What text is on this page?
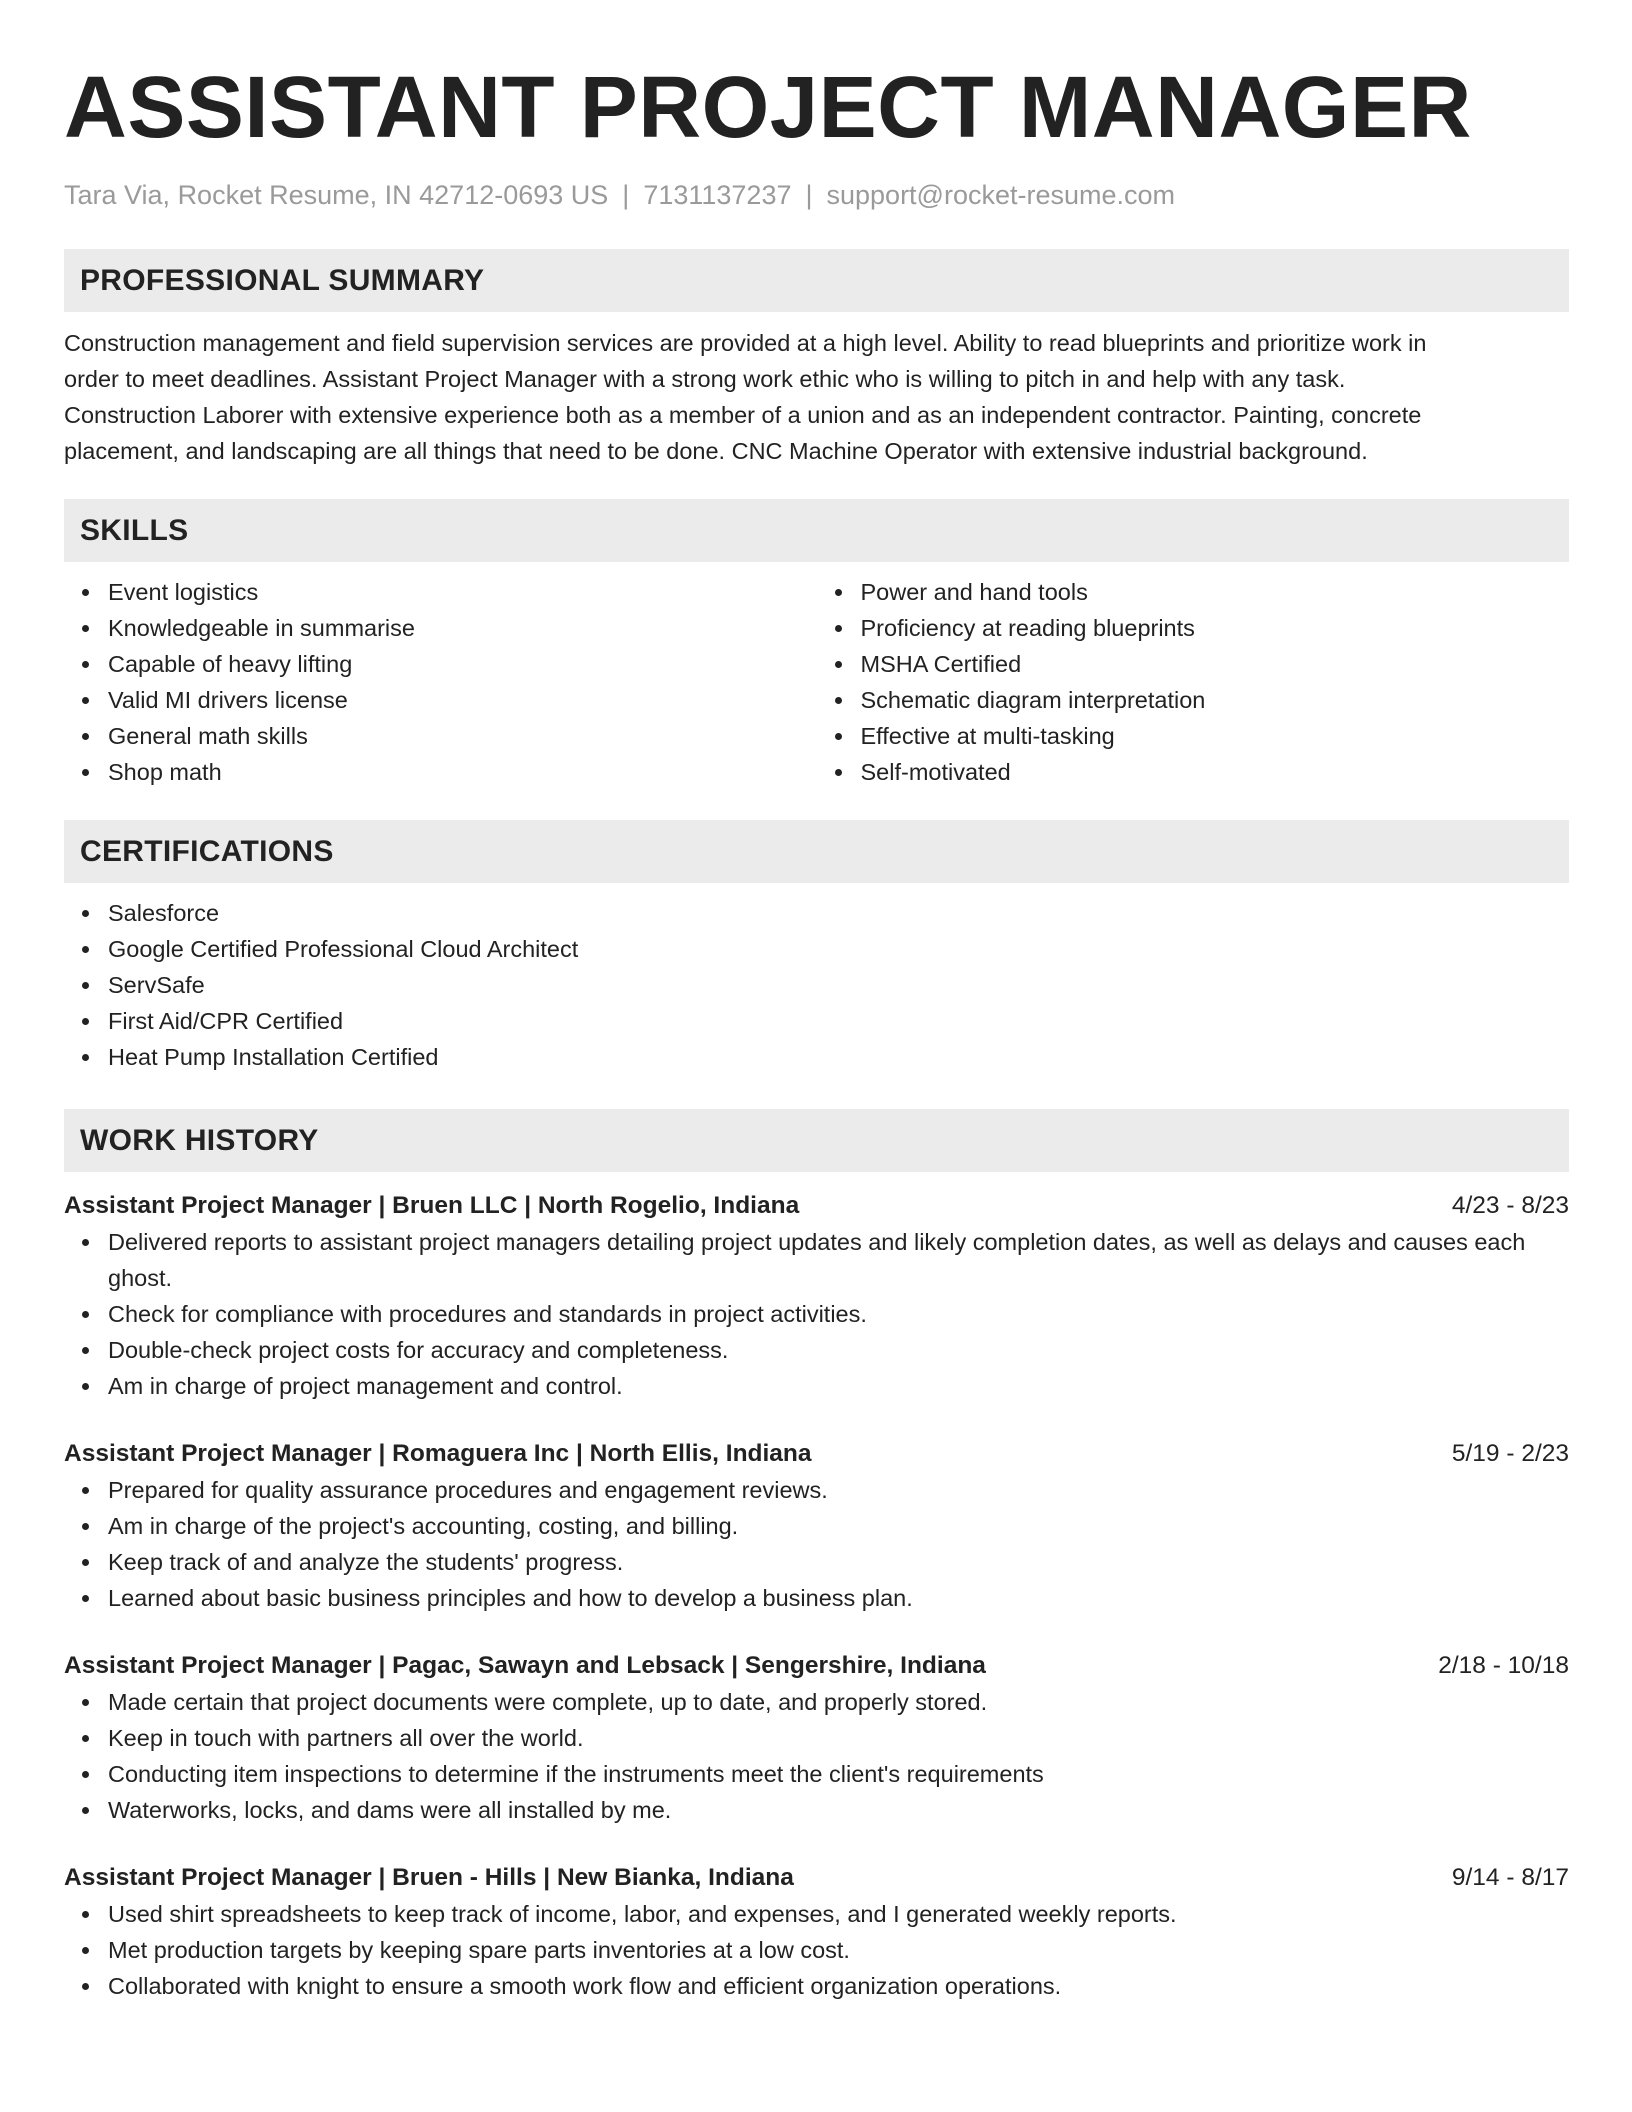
ASSISTANT PROJECT MANAGER
Tara Via, Rocket Resume, IN 42712-0693 US | 7131137237 | support@rocket-resume.com
PROFESSIONAL SUMMARY
Construction management and field supervision services are provided at a high level. Ability to read blueprints and prioritize work in
order to meet deadlines. Assistant Project Manager with a strong work ethic who is willing to pitch in and help with any task.
Construction Laborer with extensive experience both as a member of a union and as an independent contractor. Painting, concrete
placement, and landscaping are all things that need to be done. CNC Machine Operator with extensive industrial background.
SKILLS
Event logistics
Knowledgeable in summarise
Capable of heavy lifting
Valid MI drivers license
General math skills
Shop math
Power and hand tools
Proficiency at reading blueprints
MSHA Certified
Schematic diagram interpretation
Effective at multi-tasking
Self-motivated
CERTIFICATIONS
Salesforce
Google Certified Professional Cloud Architect
ServSafe
First Aid/CPR Certified
Heat Pump Installation Certified
WORK HISTORY
Assistant Project Manager | Bruen LLC | North Rogelio, Indiana	4/23 - 8/23
Delivered reports to assistant project managers detailing project updates and likely completion dates, as well as delays and causes each ghost.
Check for compliance with procedures and standards in project activities.
Double-check project costs for accuracy and completeness.
Am in charge of project management and control.
Assistant Project Manager | Romaguera Inc | North Ellis, Indiana	5/19 - 2/23
Prepared for quality assurance procedures and engagement reviews.
Am in charge of the project's accounting, costing, and billing.
Keep track of and analyze the students' progress.
Learned about basic business principles and how to develop a business plan.
Assistant Project Manager | Pagac, Sawayn and Lebsack | Sengershire, Indiana	2/18 - 10/18
Made certain that project documents were complete, up to date, and properly stored.
Keep in touch with partners all over the world.
Conducting item inspections to determine if the instruments meet the client's requirements
Waterworks, locks, and dams were all installed by me.
Assistant Project Manager | Bruen - Hills | New Bianka, Indiana	9/14 - 8/17
Used shirt spreadsheets to keep track of income, labor, and expenses, and I generated weekly reports.
Met production targets by keeping spare parts inventories at a low cost.
Collaborated with knight to ensure a smooth work flow and efficient organization operations.
